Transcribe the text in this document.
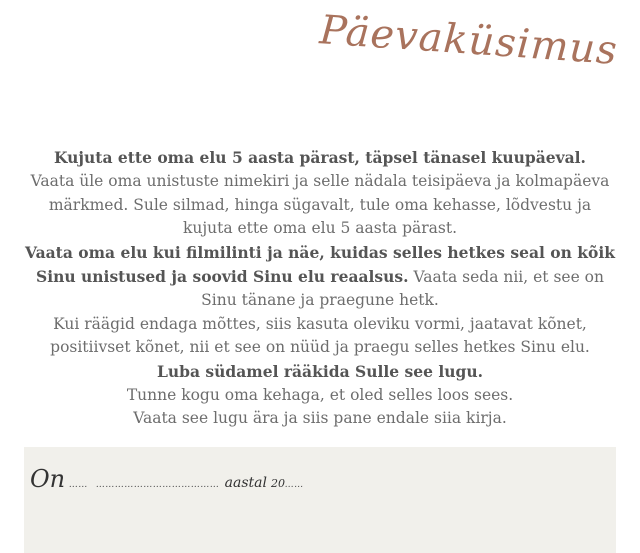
Päevaküsimus
Kujuta ette oma elu 5 aasta pärast, täpsel tänasel kuupäeval.
Vaata üle oma unistuste nimekiri ja selle nädala teisipäeva ja kolmapäeva märkmed. Sule silmad, hinga sügavalt, tule oma kehasse, lõdvestu ja kujuta ette oma elu 5 aasta pärast.
Vaata oma elu kui filmilinti ja näe, kuidas selles hetkes seal on kõik Sinu unistused ja soovid Sinu elu reaalsus. Vaata seda nii, et see on Sinu tänane ja praegune hetk.
Kui räägid endaga mõttes, siis kasuta oleviku vormi, jaatavat kõnet, positiivset kõnet, nii et see on nüüd ja praegu selles hetkes Sinu elu.
Luba südamel rääkida Sulle see lugu.
Tunne kogu oma kehaga, et oled selles loos sees.
Vaata see lugu ära ja siis pane endale siia kirja.
On …… ………………………………… aastal 20 ……
